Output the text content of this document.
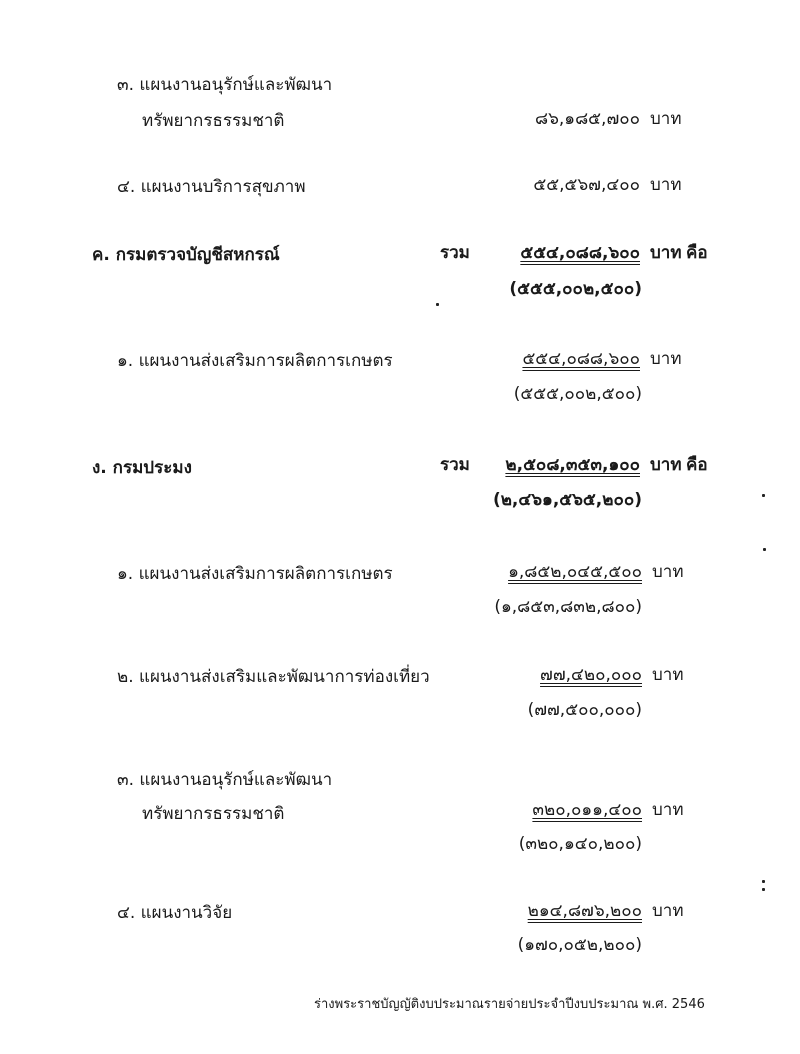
๓. แผนงานอนุรักษ์และพัฒนา
ทรัพยากรธรรมชาติ	๘๖,๑๘๕,๗๐๐ บาท
๔. แผนงานบริการสุขภาพ	๕๕,๕๖๗,๔๐๐ บาท
ค. กรมตรวจบัญชีสหกรณ์	รวม	๕๕๔,๐๘๘,๖๐๐ บาท คือ
(๕๕๕,๐๐๒,๕๐๐)
๑. แผนงานส่งเสริมการผลิตการเกษตร	๕๕๔,๐๘๘,๖๐๐ บาท
(๕๕๕,๐๐๒,๕๐๐)
ง. กรมประมง	รวม	๒,๕๐๘,๓๕๓,๑๐๐ บาท คือ
(๒,๔๖๑,๕๖๕,๒๐๐)
๑. แผนงานส่งเสริมการผลิตการเกษตร	๑,๘๕๒,๐๔๕,๕๐๐ บาท
(๑,๘๕๓,๘๓๒,๘๐๐)
๒. แผนงานส่งเสริมและพัฒนาการท่องเที่ยว	๗๗,๔๒๐,๐๐๐ บาท
(๗๗,๕๐๐,๐๐๐)
๓. แผนงานอนุรักษ์และพัฒนา
ทรัพยากรธรรมชาติ	๓๒๐,๐๑๑,๔๐๐ บาท
(๓๒๐,๑๔๐,๒๐๐)
๔. แผนงานวิจัย	๒๑๔,๘๗๖,๒๐๐ บาท
(๑๗๐,๐๕๒,๒๐๐)
ร่างพระราชบัญญัติงบประมาณรายจ่ายประจำปีงบประมาณ พ.ศ. 2546
